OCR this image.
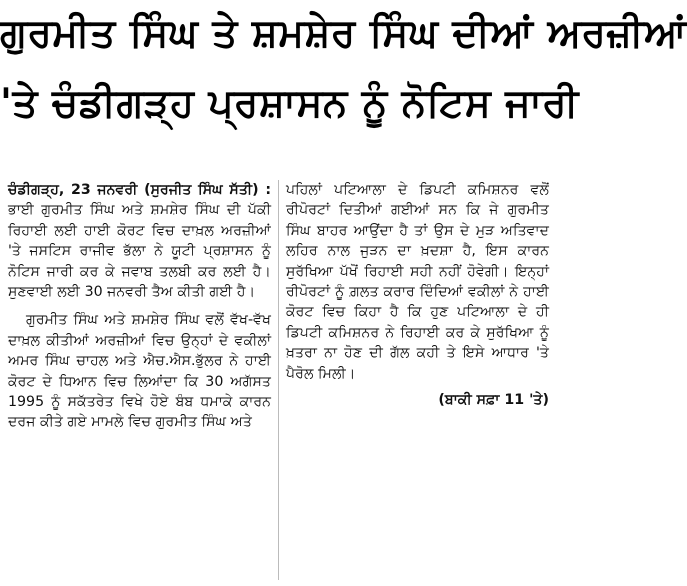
ਗੁਰਮੀਤ ਸਿੰਘ ਤੇ ਸ਼ਮਸ਼ੇਰ ਸਿੰਘ ਦੀਆਂ ਅਰਜ਼ੀਆਂ
'ਤੇ ਚੰਡੀਗੜ੍ਹ ਪ੍ਰਸ਼ਾਸਨ ਨੂੰ ਨੋਟਿਸ ਜਾਰੀ

ਚੰਡੀਗੜ੍ਹ, 23 ਜਨਵਰੀ (ਸੁਰਜੀਤ ਸਿੰਘ ਸੱਤੀ) : ਭਾਈ ਗੁਰਮੀਤ ਸਿੰਘ ਅਤੇ ਸ਼ਮਸ਼ੇਰ ਸਿੰਘ ਦੀ ਪੱਕੀ ਰਿਹਾਈ ਲਈ ਹਾਈ ਕੋਰਟ ਵਿਚ ਦਾਖ਼ਲ ਅਰਜ਼ੀਆਂ 'ਤੇ ਜਸਟਿਸ ਰਾਜੀਵ ਭੱਲਾ ਨੇ ਯੂਟੀ ਪ੍ਰਸ਼ਾਸਨ ਨੂੰ ਨੋਟਿਸ ਜਾਰੀ ਕਰ ਕੇ ਜਵਾਬ ਤਲਬੀ ਕਰ ਲਈ ਹੈ। ਸੁਣਵਾਈ ਲਈ 30 ਜਨਵਰੀ ਤੈਅ ਕੀਤੀ ਗਈ ਹੈ।

ਗੁਰਮੀਤ ਸਿੰਘ ਅਤੇ ਸ਼ਮਸ਼ੇਰ ਸਿੰਘ ਵਲੋਂ ਵੱਖ-ਵੱਖ ਦਾਖ਼ਲ ਕੀਤੀਆਂ ਅਰਜ਼ੀਆਂ ਵਿਚ ਉਨ੍ਹਾਂ ਦੇ ਵਕੀਲਾਂ ਅਮਰ ਸਿੰਘ ਚਾਹਲ ਅਤੇ ਐਚ.ਐਸ.ਭੁੱਲਰ ਨੇ ਹਾਈ ਕੋਰਟ ਦੇ ਧਿਆਨ ਵਿਚ ਲਿਆਂਦਾ ਕਿ 30 ਅਗੱਸਤ 1995 ਨੂੰ ਸਕੱਤਰੇਤ ਵਿਖੇ ਹੋਏ ਬੰਬ ਧਮਾਕੇ ਕਾਰਨ ਦਰਜ ਕੀਤੇ ਗਏ ਮਾਮਲੇ ਵਿਚ ਗੁਰਮੀਤ ਸਿੰਘ ਅਤੇ

ਪਹਿਲਾਂ ਪਟਿਆਲਾ ਦੇ ਡਿਪਟੀ ਕਮਿਸ਼ਨਰ ਵਲੋਂ ਰੀਪੋਰਟਾਂ ਦਿਤੀਆਂ ਗਈਆਂ ਸਨ ਕਿ ਜੇ ਗੁਰਮੀਤ ਸਿੰਘ ਬਾਹਰ ਆਉਂਦਾ ਹੈ ਤਾਂ ਉਸ ਦੇ ਮੁੜ ਅਤਿਵਾਦ ਲਹਿਰ ਨਾਲ ਜੁੜਨ ਦਾ ਖ਼ਦਸ਼ਾ ਹੈ, ਇਸ ਕਾਰਨ ਸੁਰੱਖਿਆ ਪੱਖੋਂ ਰਿਹਾਈ ਸਹੀ ਨਹੀਂ ਹੋਵੇਗੀ। ਇਨ੍ਹਾਂ ਰੀਪੋਰਟਾਂ ਨੂੰ ਗ਼ਲਤ ਕਰਾਰ ਦਿੰਦਿਆਂ ਵਕੀਲਾਂ ਨੇ ਹਾਈ ਕੋਰਟ ਵਿਚ ਕਿਹਾ ਹੈ ਕਿ ਹੁਣ ਪਟਿਆਲਾ ਦੇ ਹੀ ਡਿਪਟੀ ਕਮਿਸ਼ਨਰ ਨੇ ਰਿਹਾਈ ਕਰ ਕੇ ਸੁਰੱਖਿਆ ਨੂੰ ਖ਼ਤਰਾ ਨਾ ਹੋਣ ਦੀ ਗੱਲ ਕਹੀ ਤੇ ਇਸੇ ਆਧਾਰ 'ਤੇ ਪੈਰੋਲ ਮਿਲੀ।

(ਬਾਕੀ ਸਫ਼ਾ 11 'ਤੇ)
